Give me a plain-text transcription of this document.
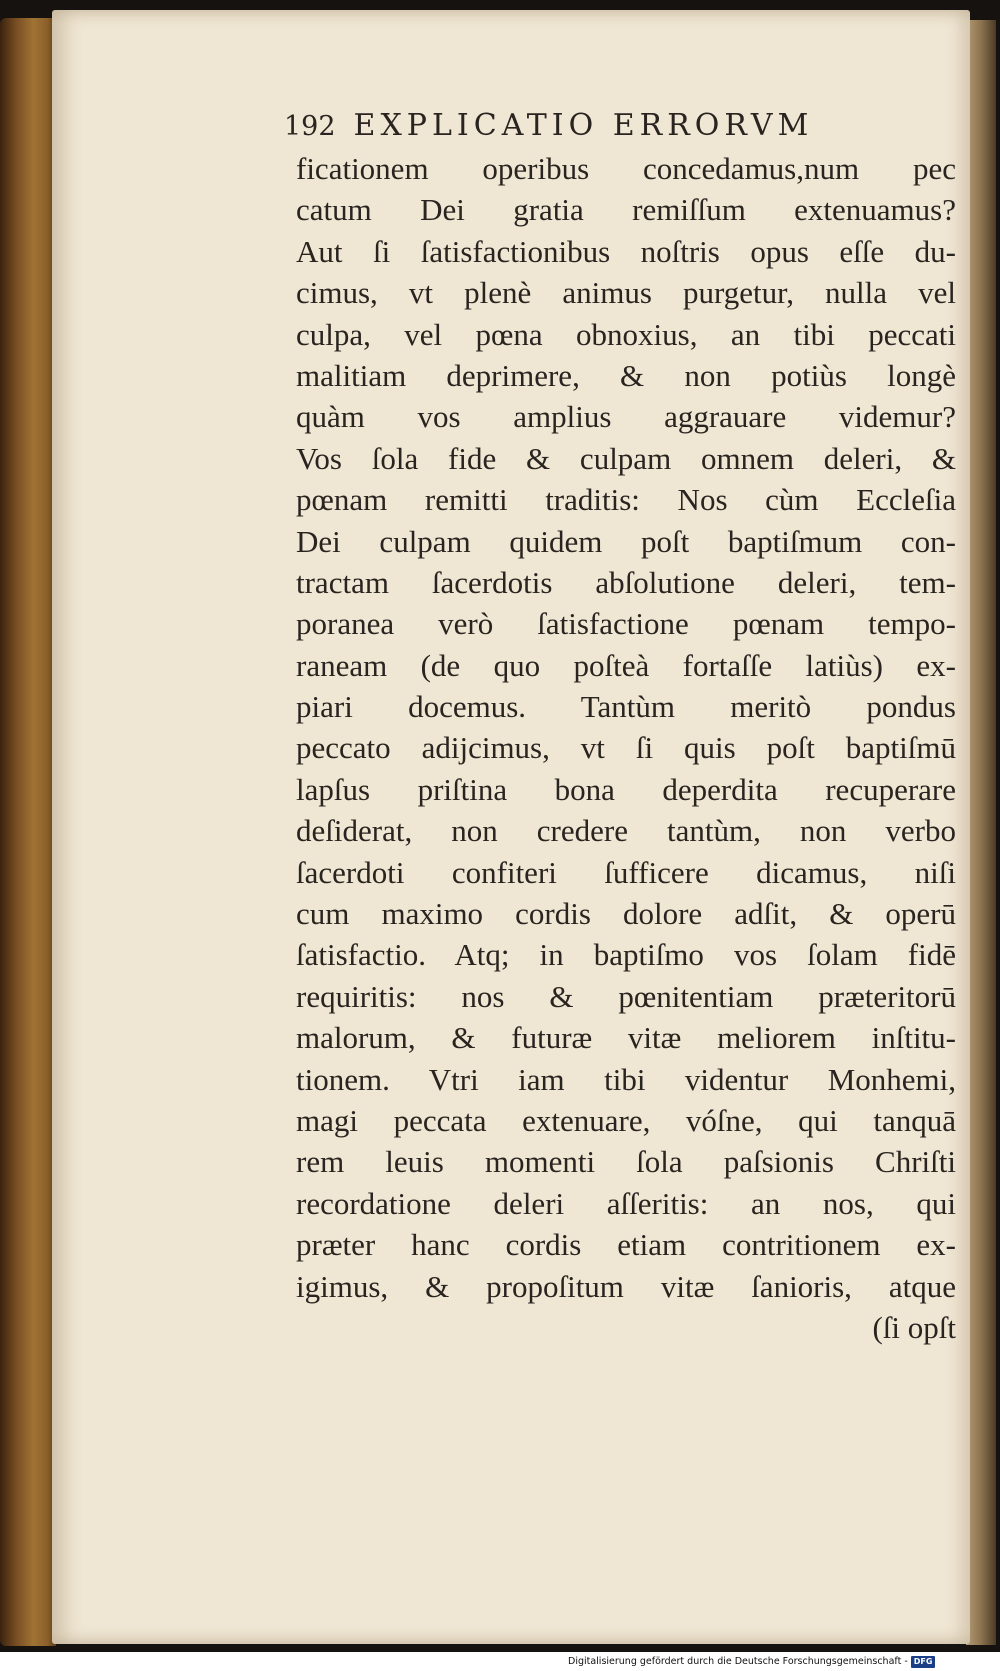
192 EXPLICATIO ERRORVM
ficationem operibus concedamus,num pec
catum Dei gratia remiſſum extenuamus?
Aut ſi ſatisfactionibus noſtris opus eſſe du-
cimus, vt plenè animus purgetur, nulla vel
culpa, vel pœna obnoxius, an tibi peccati
malitiam deprimere, & non potiùs longè
quàm vos amplius aggrauare videmur?
Vos ſola fide & culpam omnem deleri, &
pœnam remitti traditis: Nos cùm Eccleſia
Dei culpam quidem poſt baptiſmum con-
tractam ſacerdotis abſolutione deleri, tem-
poranea verò ſatisfactione pœnam tempo-
raneam (de quo poſteà fortaſſe latiùs) ex-
piari docemus. Tantùm meritò pondus
peccato adijcimus, vt ſi quis poſt baptiſmū
lapſus priſtina bona deperdita recuperare
deſiderat, non credere tantùm, non verbo
ſacerdoti confiteri ſufficere dicamus, niſi
cum maximo cordis dolore adſit, & operū
ſatisfactio. Atq; in baptiſmo vos ſolam fidē
requiritis: nos & pœnitentiam præteritorū
malorum, & futuræ vitæ meliorem inſtitu-
tionem. Vtri iam tibi videntur Monhemi,
magi peccata extenuare, vóſne, qui tanquā
rem leuis momenti ſola paſsionis Chriſti
recordatione deleri aſſeritis: an nos, qui
præter hanc cordis etiam contritionem ex-
igimus, & propoſitum vitæ ſanioris, atque
(ſi opſt
Digitalisierung gefördert durch die Deutsche Forschungsgemeinschaft - DFG
